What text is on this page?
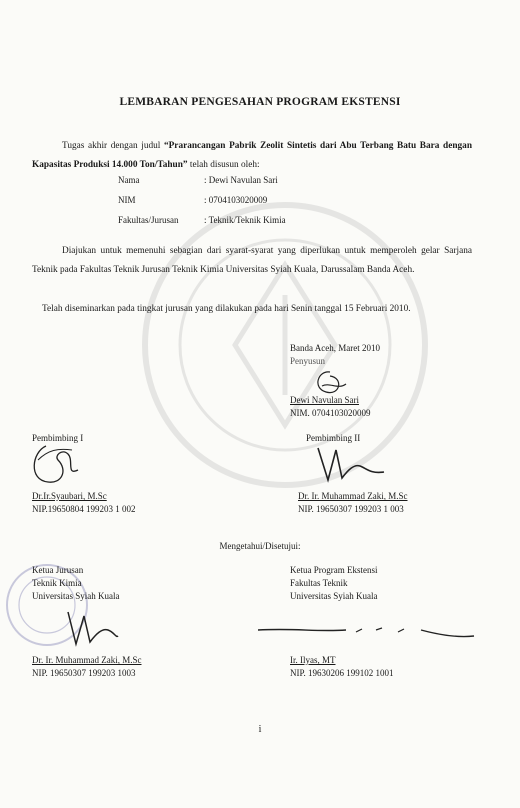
LEMBARAN PENGESAHAN PROGRAM EKSTENSI
Tugas akhir dengan judul “Prarancangan Pabrik Zeolit Sintetis dari Abu Terbang Batu Bara dengan Kapasitas Produksi 14.000 Ton/Tahun” telah disusun oleh:
Nama	: Dewi Navulan Sari
NIM	: 0704103020009
Fakultas/Jurusan	: Teknik/Teknik Kimia
Diajukan untuk memenuhi sebagian dari syarat-syarat yang diperlukan untuk memperoleh gelar Sarjana Teknik pada Fakultas Teknik Jurusan Teknik Kimia Universitas Syiah Kuala, Darussalam Banda Aceh.
Telah diseminarkan pada tingkat jurusan yang dilakukan pada hari Senin tanggal 15 Februari 2010.
Banda Aceh, Maret 2010
Penyusun
Dewi Navulan Sari
NIM. 0704103020009
Pembimbing I
Dr.Ir.Syaubari, M.Sc
NIP.19650804 199203 1 002
Pembimbing II
Dr. Ir. Muhammad Zaki, M.Sc
NIP. 19650307 199203 1 003
Mengetahui/Disetujui:
Ketua Jurusan
Teknik Kimia
Universitas Syiah Kuala
Dr. Ir. Muhammad Zaki, M.Sc
NIP. 19650307 199203 1003
Ketua Program Ekstensi
Fakultas Teknik
Universitas Syiah Kuala
Ir. Ilyas, MT
NIP. 19630206 199102 1001
i
